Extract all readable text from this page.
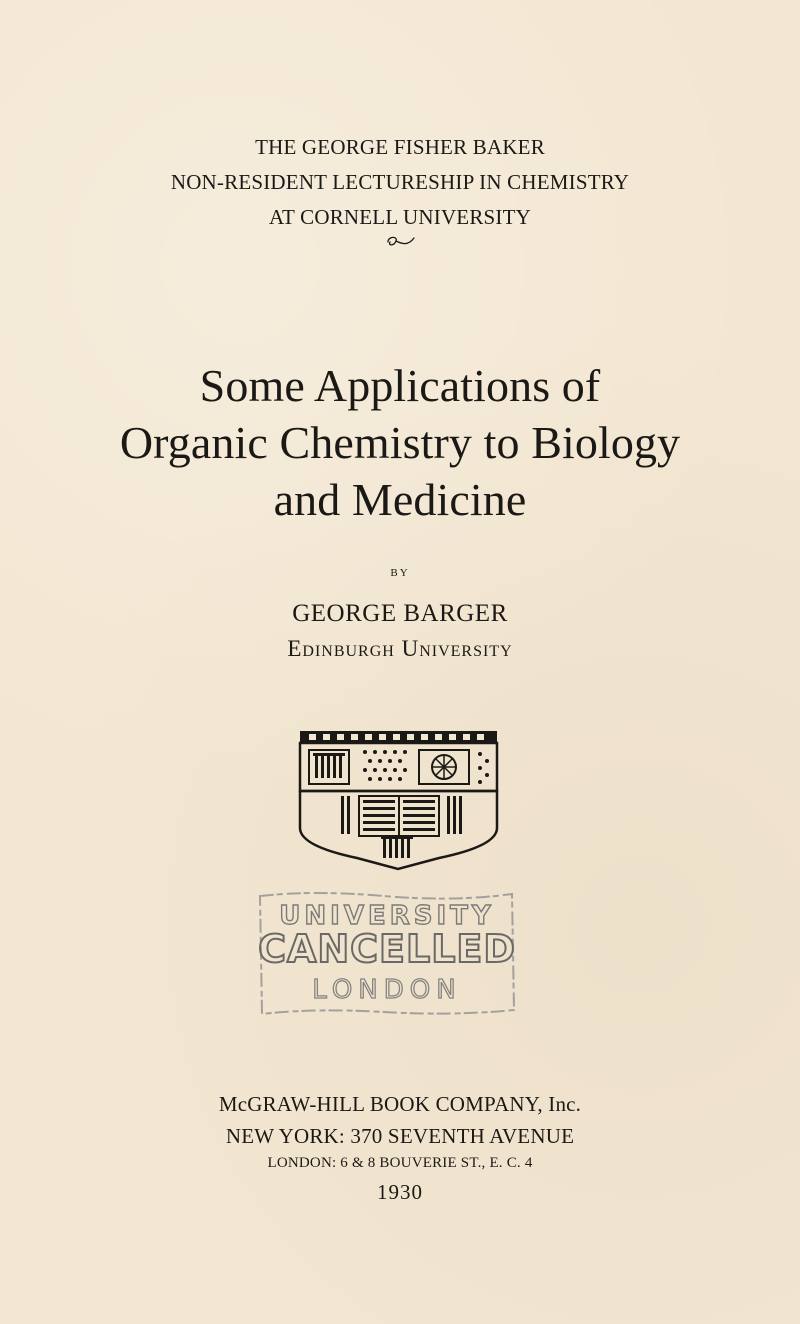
THE GEORGE FISHER BAKER
NON-RESIDENT LECTURESHIP IN CHEMISTRY
AT CORNELL UNIVERSITY
Some Applications of
Organic Chemistry to Biology
and Medicine
BY
GEORGE BARGER
Edinburgh University
UNIVERSITY
CANCELLED
LONDON
McGRAW-HILL BOOK COMPANY, Inc.
NEW YORK: 370 SEVENTH AVENUE
LONDON: 6 & 8 BOUVERIE ST., E. C. 4
1930
